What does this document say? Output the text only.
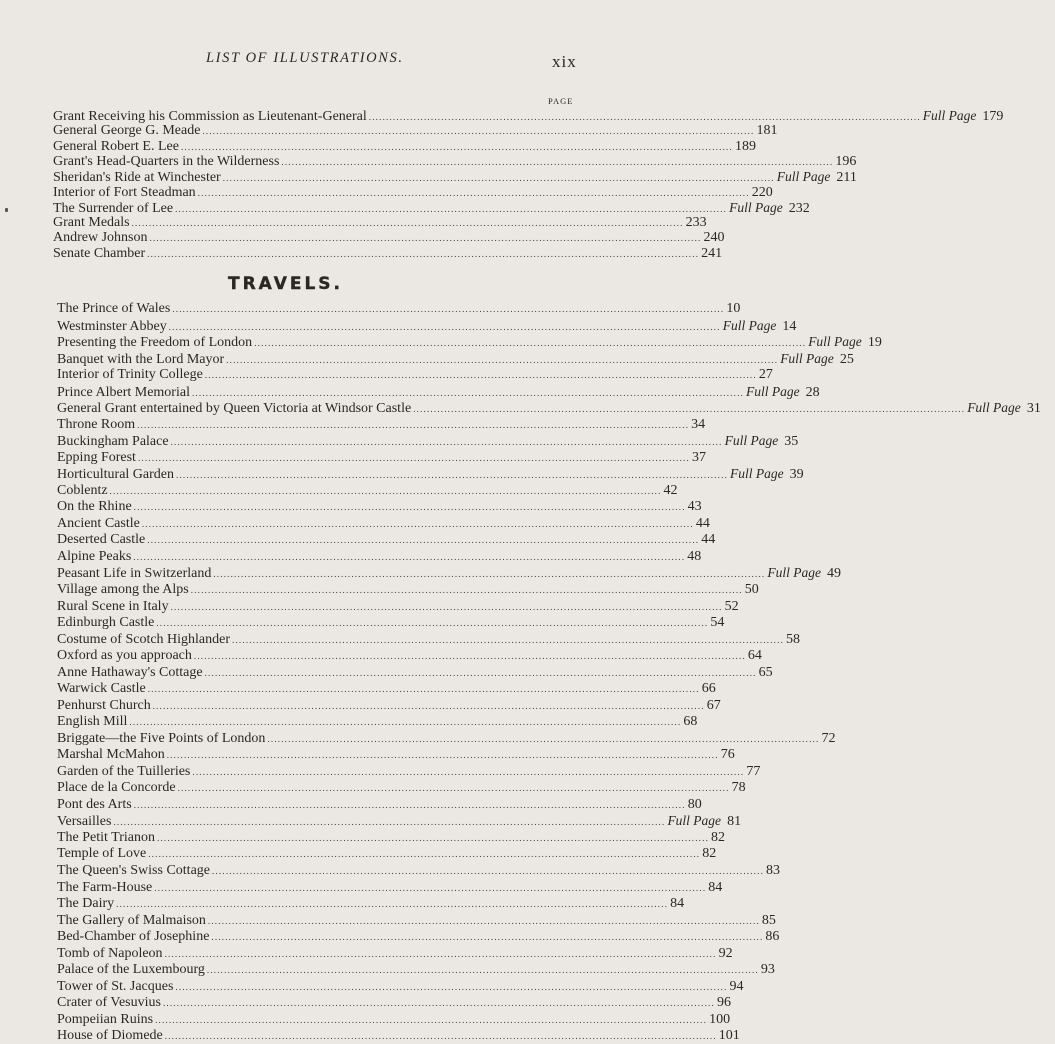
LIST OF ILLUSTRATIONS.	xix
PAGE
Grant Receiving his Commission as Lieutenant-General ................................................................................................................................................................ Full Page 179
General George G. Meade ................................................................................................................................................................ 181
General Robert E. Lee ................................................................................................................................................................ 189
Grant's Head-Quarters in the Wilderness ................................................................................................................................................................ 196
Sheridan's Ride at Winchester ................................................................................................................................................................ Full Page 211
Interior of Fort Steadman ................................................................................................................................................................ 220
The Surrender of Lee ................................................................................................................................................................ Full Page 232
Grant Medals ................................................................................................................................................................ 233
Andrew Johnson ................................................................................................................................................................ 240
Senate Chamber ................................................................................................................................................................ 241
TRAVELS.
The Prince of Wales ................................................................................................................................................................ 10
Westminster Abbey ................................................................................................................................................................ Full Page 14
Presenting the Freedom of London ................................................................................................................................................................ Full Page 19
Banquet with the Lord Mayor ................................................................................................................................................................ Full Page 25
Interior of Trinity College ................................................................................................................................................................ 27
Prince Albert Memorial ................................................................................................................................................................ Full Page 28
General Grant entertained by Queen Victoria at Windsor Castle ................................................................................................................................................................ Full Page 31
Throne Room ................................................................................................................................................................ 34
Buckingham Palace ................................................................................................................................................................ Full Page 35
Epping Forest ................................................................................................................................................................ 37
Horticultural Garden ................................................................................................................................................................ Full Page 39
Coblentz ................................................................................................................................................................ 42
On the Rhine ................................................................................................................................................................ 43
Ancient Castle ................................................................................................................................................................ 44
Deserted Castle ................................................................................................................................................................ 44
Alpine Peaks ................................................................................................................................................................ 48
Peasant Life in Switzerland ................................................................................................................................................................ Full Page 49
Village among the Alps ................................................................................................................................................................ 50
Rural Scene in Italy ................................................................................................................................................................ 52
Edinburgh Castle ................................................................................................................................................................ 54
Costume of Scotch Highlander ................................................................................................................................................................ 58
Oxford as you approach ................................................................................................................................................................ 64
Anne Hathaway's Cottage ................................................................................................................................................................ 65
Warwick Castle ................................................................................................................................................................ 66
Penhurst Church ................................................................................................................................................................ 67
English Mill ................................................................................................................................................................ 68
Briggate—the Five Points of London ................................................................................................................................................................ 72
Marshal McMahon ................................................................................................................................................................ 76
Garden of the Tuilleries ................................................................................................................................................................ 77
Place de la Concorde ................................................................................................................................................................ 78
Pont des Arts ................................................................................................................................................................ 80
Versailles ................................................................................................................................................................ Full Page 81
The Petit Trianon ................................................................................................................................................................ 82
Temple of Love ................................................................................................................................................................ 82
The Queen's Swiss Cottage ................................................................................................................................................................ 83
The Farm-House ................................................................................................................................................................ 84
The Dairy ................................................................................................................................................................ 84
The Gallery of Malmaison ................................................................................................................................................................ 85
Bed-Chamber of Josephine ................................................................................................................................................................ 86
Tomb of Napoleon ................................................................................................................................................................ 92
Palace of the Luxembourg ................................................................................................................................................................ 93
Tower of St. Jacques ................................................................................................................................................................ 94
Crater of Vesuvius ................................................................................................................................................................ 96
Pompeiian Ruins ................................................................................................................................................................ 100
House of Diomede ................................................................................................................................................................ 101
